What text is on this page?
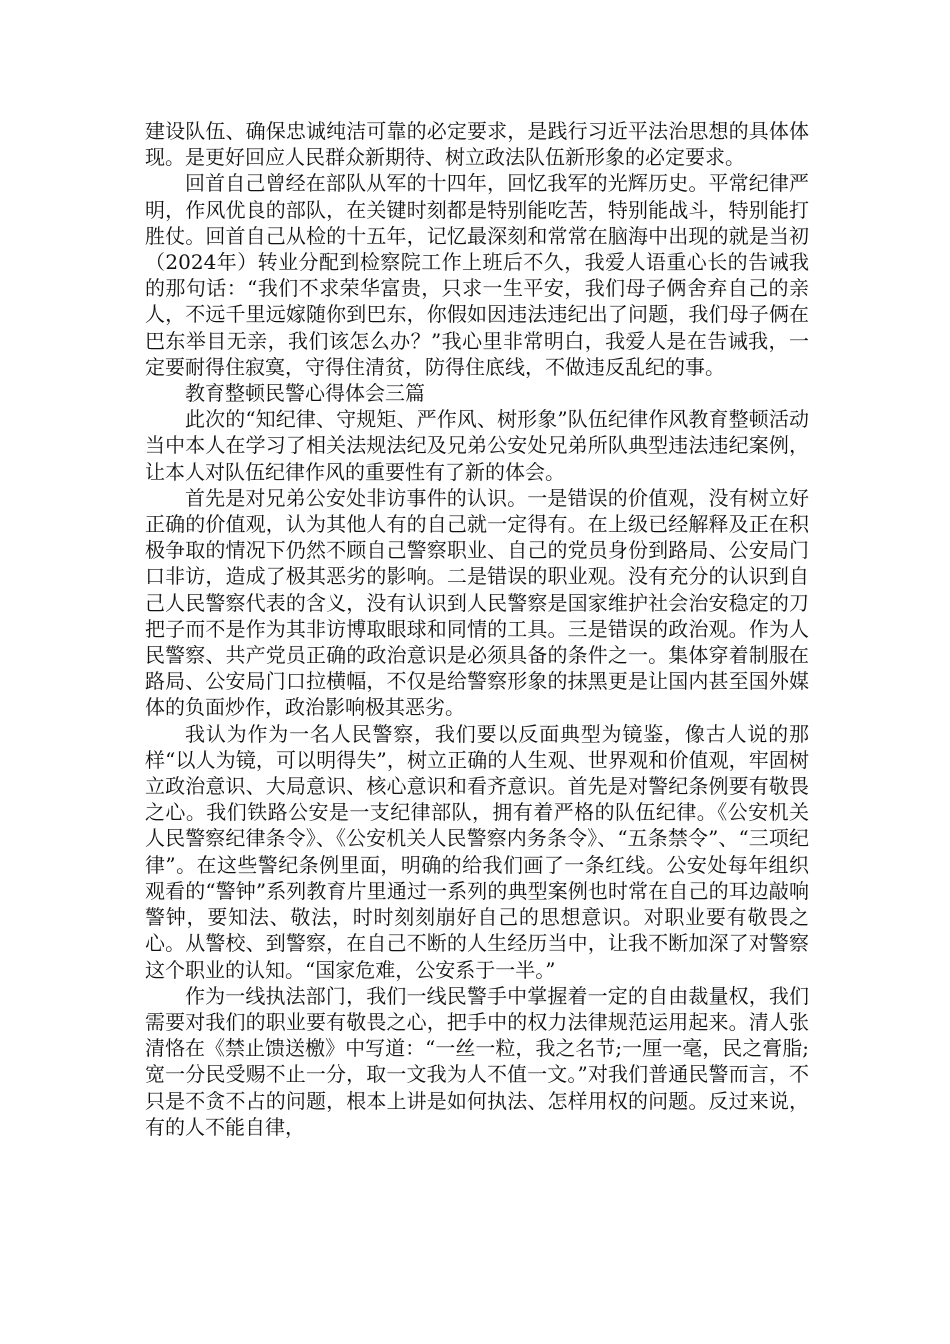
建设队伍、确保忠诚纯洁可靠的必定要求，是践行习近平法治思想的具体体现。是更好回应人民群众新期待、树立政法队伍新形象的必定要求。

回首自己曾经在部队从军的十四年，回忆我军的光辉历史。平常纪律严明，作风优良的部队，在关键时刻都是特别能吃苦，特别能战斗，特别能打胜仗。回首自己从检的十五年，记忆最深刻和常常在脑海中出现的就是当初（2024年）转业分配到检察院工作上班后不久，我爱人语重心长的告诫我的那句话：“我们不求荣华富贵，只求一生平安，我们母子俩舍弃自己的亲人，不远千里远嫁随你到巴东，你假如因违法违纪出了问题，我们母子俩在巴东举目无亲，我们该怎么办？”我心里非常明白，我爱人是在告诫我，一定要耐得住寂寞，守得住清贫，防得住底线，不做违反乱纪的事。

教育整顿民警心得体会三篇

此次的“知纪律、守规矩、严作风、树形象”队伍纪律作风教育整顿活动当中本人在学习了相关法规法纪及兄弟公安处兄弟所队典型违法违纪案例，让本人对队伍纪律作风的重要性有了新的体会。

首先是对兄弟公安处非访事件的认识。一是错误的价值观，没有树立好正确的价值观，认为其他人有的自己就一定得有。在上级已经解释及正在积极争取的情况下仍然不顾自己警察职业、自己的党员身份到路局、公安局门口非访，造成了极其恶劣的影响。二是错误的职业观。没有充分的认识到自己人民警察代表的含义，没有认识到人民警察是国家维护社会治安稳定的刀把子而不是作为其非访博取眼球和同情的工具。三是错误的政治观。作为人民警察、共产党员正确的政治意识是必须具备的条件之一。集体穿着制服在路局、公安局门口拉横幅，不仅是给警察形象的抹黑更是让国内甚至国外媒体的负面炒作，政治影响极其恶劣。

我认为作为一名人民警察，我们要以反面典型为镜鉴，像古人说的那样“以人为镜，可以明得失”，树立正确的人生观、世界观和价值观，牢固树立政治意识、大局意识、核心意识和看齐意识。首先是对警纪条例要有敬畏之心。我们铁路公安是一支纪律部队，拥有着严格的队伍纪律。《公安机关人民警察纪律条令》、《公安机关人民警察内务条令》、“五条禁令”、“三项纪律”。在这些警纪条例里面，明确的给我们画了一条红线。公安处每年组织观看的“警钟”系列教育片里通过一系列的典型案例也时常在自己的耳边敲响警钟，要知法、敬法，时时刻刻崩好自己的思想意识。对职业要有敬畏之心。从警校、到警察，在自己不断的人生经历当中，让我不断加深了对警察这个职业的认知。“国家危难，公安系于一半。”

作为一线执法部门，我们一线民警手中掌握着一定的自由裁量权，我们需要对我们的职业要有敬畏之心，把手中的权力法律规范运用起来。清人张清恪在《禁止馈送檄》中写道：“一丝一粒，我之名节;一厘一毫，民之膏脂;宽一分民受赐不止一分，取一文我为人不值一文。”对我们普通民警而言，不只是不贪不占的问题，根本上讲是如何执法、怎样用权的问题。反过来说，有的人不能自律，
